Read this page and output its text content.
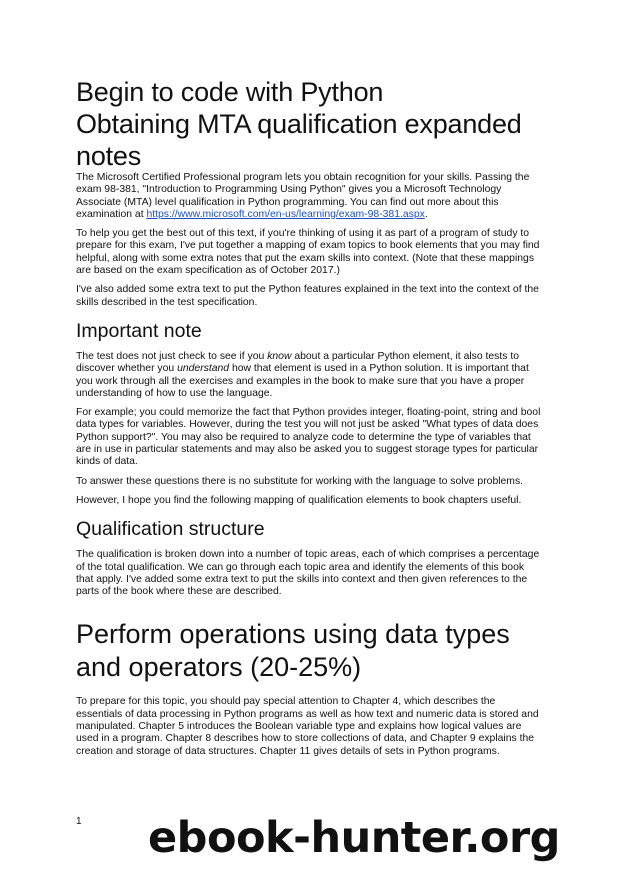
Begin to code with Python
Obtaining MTA qualification expanded notes

The Microsoft Certified Professional program lets you obtain recognition for your skills. Passing the exam 98-381, "Introduction to Programming Using Python" gives you a Microsoft Technology Associate (MTA) level qualification in Python programming. You can find out more about this examination at https://www.microsoft.com/en-us/learning/exam-98-381.aspx.

To help you get the best out of this text, if you're thinking of using it as part of a program of study to prepare for this exam, I've put together a mapping of exam topics to book elements that you may find helpful, along with some extra notes that put the exam skills into context. (Note that these mappings are based on the exam specification as of October 2017.)

I've also added some extra text to put the Python features explained in the text into the context of the skills described in the test specification.

Important note

The test does not just check to see if you know about a particular Python element, it also tests to discover whether you understand how that element is used in a Python solution. It is important that you work through all the exercises and examples in the book to make sure that you have a proper understanding of how to use the language.

For example; you could memorize the fact that Python provides integer, floating-point, string and bool data types for variables. However, during the test you will not just be asked "What types of data does Python support?". You may also be required to analyze code to determine the type of variables that are in use in particular statements and may also be asked you to suggest storage types for particular kinds of data.

To answer these questions there is no substitute for working with the language to solve problems.

However, I hope you find the following mapping of qualification elements to book chapters useful.

Qualification structure

The qualification is broken down into a number of topic areas, each of which comprises a percentage of the total qualification. We can go through each topic area and identify the elements of this book that apply. I've added some extra text to put the skills into context and then given references to the parts of the book where these are described.

Perform operations using data types and operators (20-25%)

To prepare for this topic, you should pay special attention to Chapter 4, which describes the essentials of data processing in Python programs as well as how text and numeric data is stored and manipulated. Chapter 5 introduces the Boolean variable type and explains how logical values are used in a program. Chapter 8 describes how to store collections of data, and Chapter 9 explains the creation and storage of data structures. Chapter 11 gives details of sets in Python programs.

1 ebook-hunter.org
